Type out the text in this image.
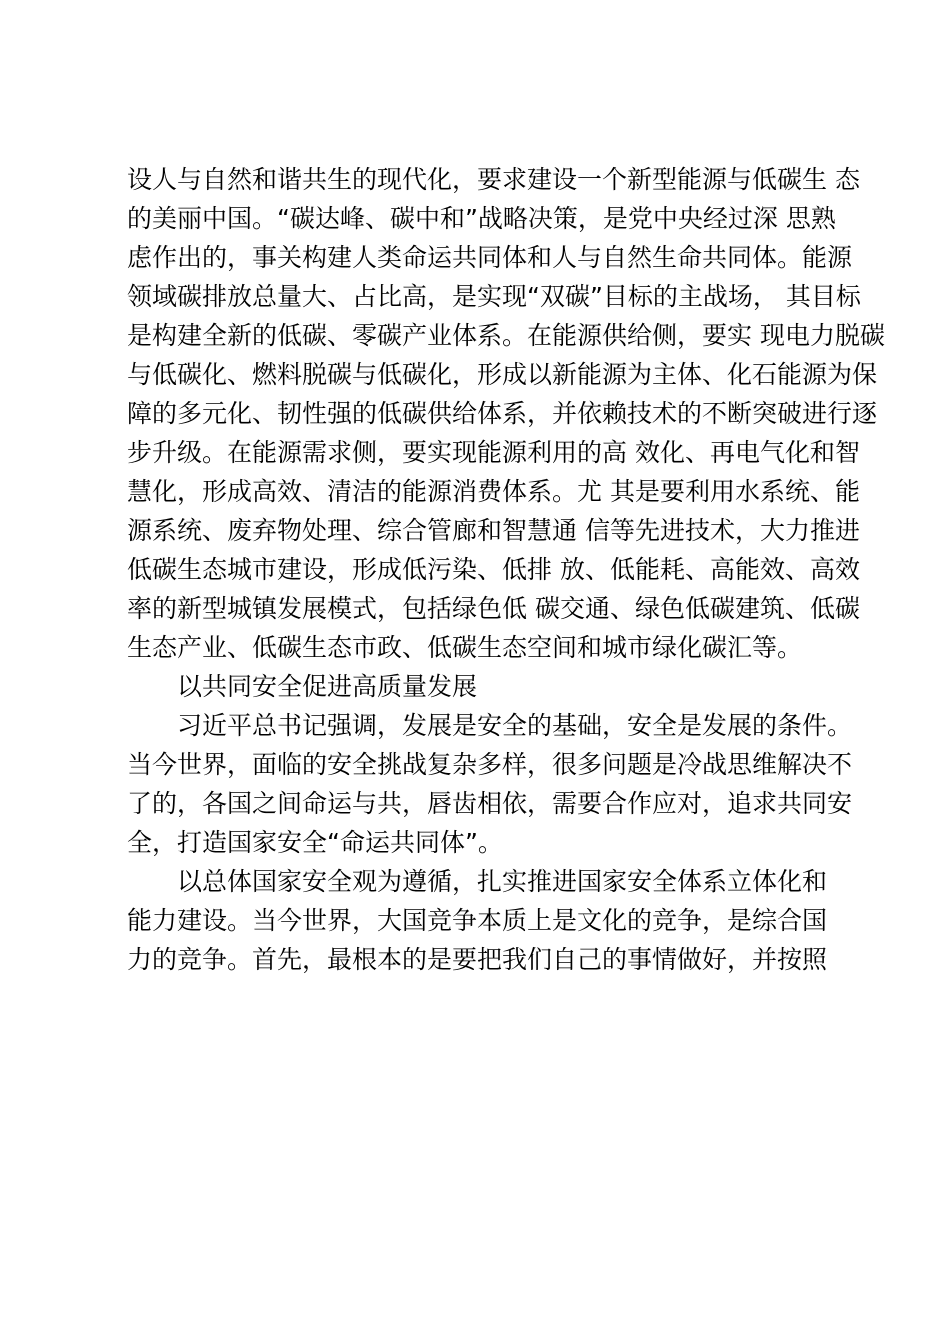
设人与自然和谐共生的现代化，要求建设一个新型能源与低碳生 态
的美丽中国。“碳达峰、碳中和”战略决策，是党中央经过深 思熟
虑作出的，事关构建人类命运共同体和人与自然生命共同体。能源
领域碳排放总量大、占比高，是实现“双碳”目标的主战场， 其目标
是构建全新的低碳、零碳产业体系。在能源供给侧，要实 现电力脱碳
与低碳化、燃料脱碳与低碳化，形成以新能源为主体、化石能源为保
障的多元化、韧性强的低碳供给体系，并依赖技术的不断突破进行逐
步升级。在能源需求侧，要实现能源利用的高 效化、再电气化和智
慧化，形成高效、清洁的能源消费体系。尤 其是要利用水系统、能
源系统、废弃物处理、综合管廊和智慧通 信等先进技术，大力推进
低碳生态城市建设，形成低污染、低排 放、低能耗、高能效、高效
率的新型城镇发展模式，包括绿色低 碳交通、绿色低碳建筑、低碳
生态产业、低碳生态市政、低碳生态空间和城市绿化碳汇等。
以共同安全促进高质量发展
习近平总书记强调，发展是安全的基础，安全是发展的条件。
当今世界，面临的安全挑战复杂多样，很多问题是冷战思维解决不
了的，各国之间命运与共，唇齿相依，需要合作应对，追求共同安
全，打造国家安全“命运共同体”。
以总体国家安全观为遵循，扎实推进国家安全体系立体化和
能力建设。当今世界，大国竞争本质上是文化的竞争，是综合国
力的竞争。首先，最根本的是要把我们自己的事情做好，并按照
